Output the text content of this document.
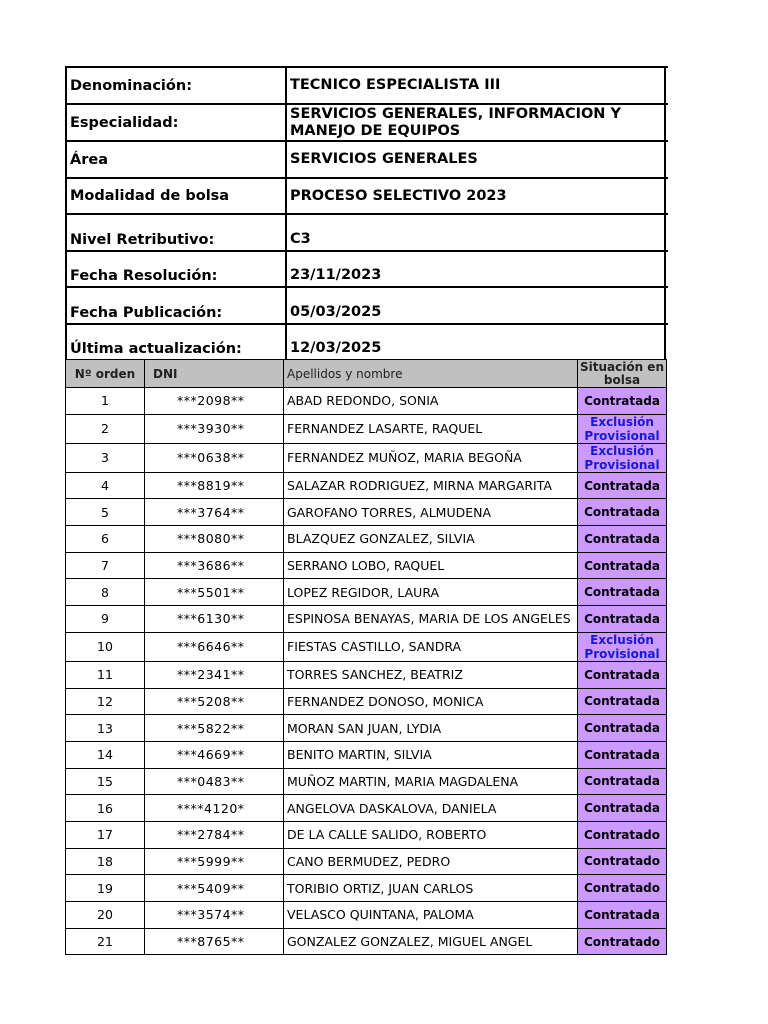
Denominación:	TECNICO ESPECIALISTA III
Especialidad:
SERVICIOS GENERALES, INFORMACION Y MANEJO DE EQUIPOS
Área	SERVICIOS GENERALES
Modalidad de bolsa	PROCESO SELECTIVO 2023
Nivel Retributivo:	C3
Fecha Resolución:	23/11/2023
Fecha Publicación:	05/03/2025
Última actualización:	12/03/2025
Nº orden	DNI	Apellidos y nombre	Situación en bolsa
1	***2098**	ABAD REDONDO, SONIA	Contratada
2	***3930**	FERNANDEZ LASARTE, RAQUEL	Exclusión Provisional
3	***0638**	FERNANDEZ MUÑOZ, MARIA BEGOÑA	Exclusión Provisional
4	***8819**	SALAZAR RODRIGUEZ, MIRNA MARGARITA	Contratada
5	***3764**	GAROFANO TORRES, ALMUDENA	Contratada
6	***8080**	BLAZQUEZ GONZALEZ, SILVIA	Contratada
7	***3686**	SERRANO LOBO, RAQUEL	Contratada
8	***5501**	LOPEZ REGIDOR, LAURA	Contratada
9	***6130**	ESPINOSA BENAYAS, MARIA DE LOS ANGELES	Contratada
10	***6646**	FIESTAS CASTILLO, SANDRA	Exclusión Provisional
11	***2341**	TORRES SANCHEZ, BEATRIZ	Contratada
12	***5208**	FERNANDEZ DONOSO, MONICA	Contratada
13	***5822**	MORAN SAN JUAN, LYDIA	Contratada
14	***4669**	BENITO MARTIN, SILVIA	Contratada
15	***0483**	MUÑOZ MARTIN, MARIA MAGDALENA	Contratada
16	****4120*	ANGELOVA DASKALOVA, DANIELA	Contratada
17	***2784**	DE LA CALLE SALIDO, ROBERTO	Contratado
18	***5999**	CANO BERMUDEZ, PEDRO	Contratado
19	***5409**	TORIBIO ORTIZ, JUAN CARLOS	Contratado
20	***3574**	VELASCO QUINTANA, PALOMA	Contratada
21	***8765**	GONZALEZ GONZALEZ, MIGUEL ANGEL	Contratado
